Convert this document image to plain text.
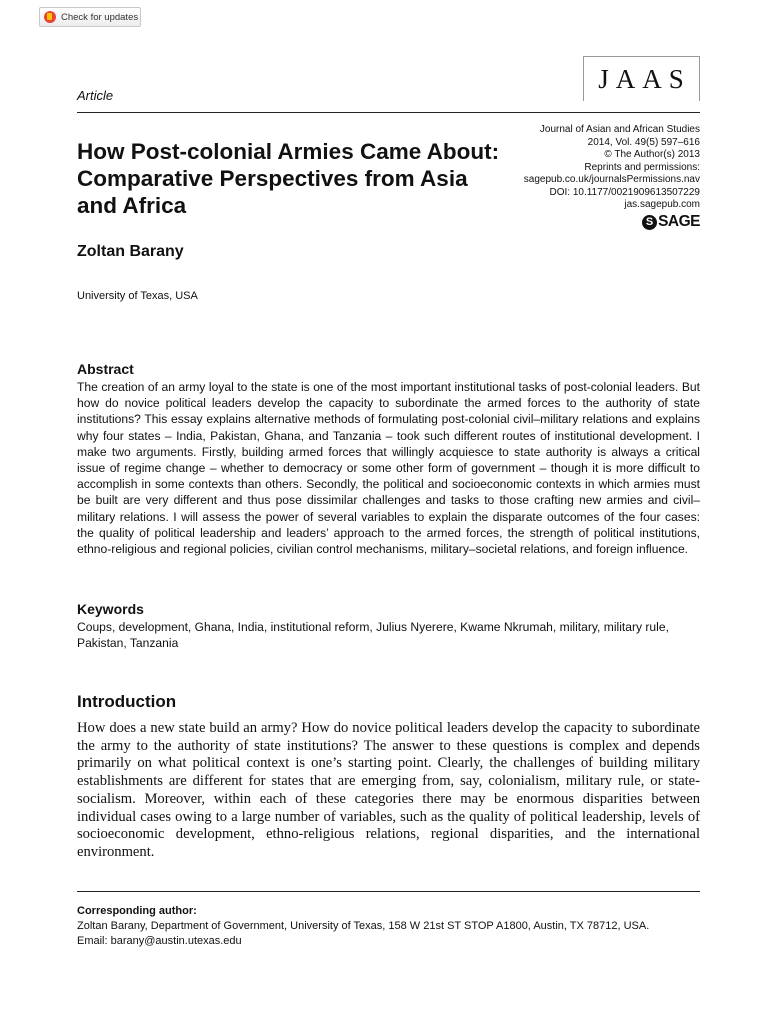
Check for updates
Article
JAAS
How Post-colonial Armies Came About: Comparative Perspectives from Asia and Africa
Journal of Asian and African Studies
2014, Vol. 49(5) 597–616
© The Author(s) 2013
Reprints and permissions:
sagepub.co.uk/journalsPermissions.nav
DOI: 10.1177/0021909613507229
jas.sagepub.com
S SAGE
Zoltan Barany
University of Texas, USA
Abstract
The creation of an army loyal to the state is one of the most important institutional tasks of post-colonial leaders. But how do novice political leaders develop the capacity to subordinate the armed forces to the authority of state institutions? This essay explains alternative methods of formulating post-colonial civil–military relations and explains why four states – India, Pakistan, Ghana, and Tanzania – took such different routes of institutional development. I make two arguments. Firstly, building armed forces that willingly acquiesce to state authority is always a critical issue of regime change – whether to democracy or some other form of government – though it is more difficult to accomplish in some contexts than others. Secondly, the political and socioeconomic contexts in which armies must be built are very different and thus pose dissimilar challenges and tasks to those crafting new armies and civil–military relations. I will assess the power of several variables to explain the disparate outcomes of the four cases: the quality of political leadership and leaders’ approach to the armed forces, the strength of political institutions, ethno-religious and regional policies, civilian control mechanisms, military–societal relations, and foreign influence.
Keywords
Coups, development, Ghana, India, institutional reform, Julius Nyerere, Kwame Nkrumah, military, military rule, Pakistan, Tanzania
Introduction
How does a new state build an army? How do novice political leaders develop the capacity to subordinate the army to the authority of state institutions? The answer to these questions is complex and depends primarily on what political context is one’s starting point. Clearly, the challenges of building military establishments are different for states that are emerging from, say, colonialism, military rule, or state-socialism. Moreover, within each of these categories there may be enormous disparities between individual cases owing to a large number of variables, such as the quality of political leadership, levels of socioeconomic development, ethno-religious relations, regional disparities, and the international environment.
Corresponding author:
Zoltan Barany, Department of Government, University of Texas, 158 W 21st ST STOP A1800, Austin, TX 78712, USA.
Email: barany@austin.utexas.edu
